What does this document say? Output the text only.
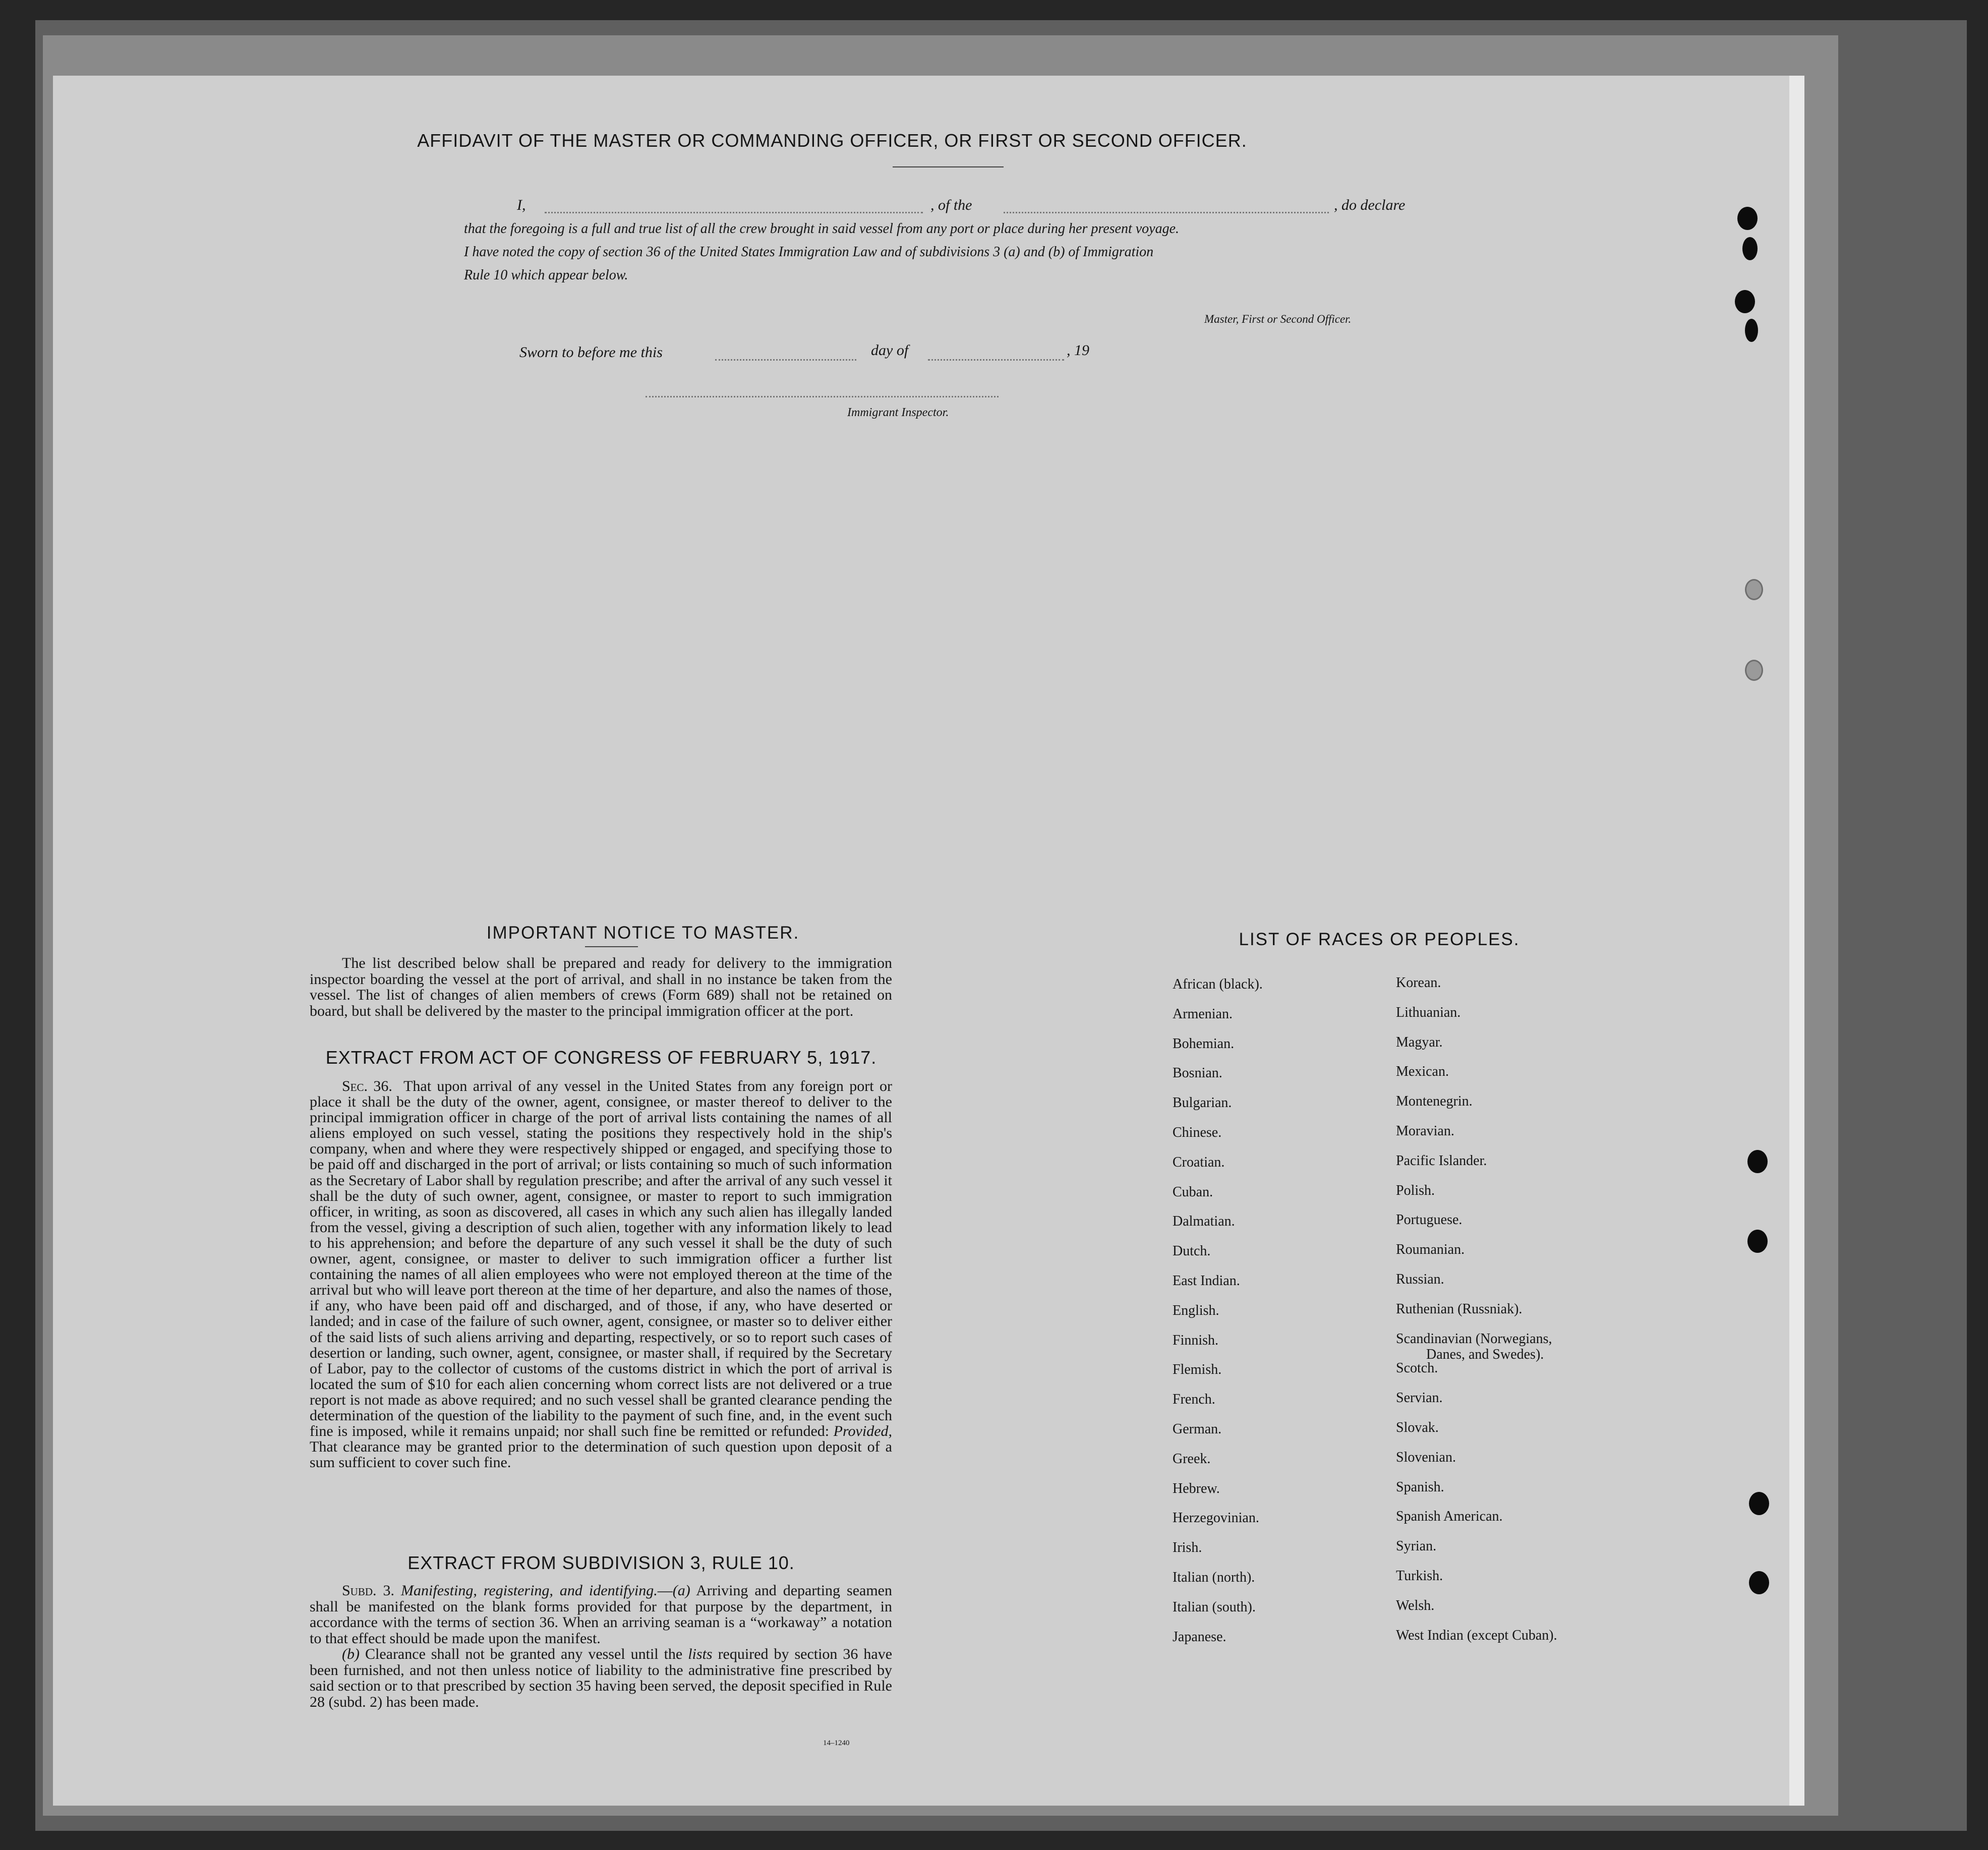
AFFIDAVIT OF THE MASTER OR COMMANDING OFFICER, OR FIRST OR SECOND OFFICER.
I,	, of the	, do declare
that the foregoing is a full and true list of all the crew brought in said vessel from any port or place during her present voyage.
I have noted the copy of section 36 of the United States Immigration Law and of subdivisions 3 (a) and (b) of Immigration
Rule 10 which appear below.
Master, First or Second Officer.
Sworn to before me this	day of	, 19
Immigrant Inspector.
IMPORTANT NOTICE TO MASTER.

The list described below shall be prepared and ready for delivery to the immigration inspector boarding the vessel at the port of arrival, and shall in no instance be taken from the vessel. The list of changes of alien members of crews (Form 689) shall not be retained on board, but shall be delivered by the master to the principal immigration officer at the port.

EXTRACT FROM ACT OF CONGRESS OF FEBRUARY 5, 1917.

Sec. 36. That upon arrival of any vessel in the United States from any foreign port or place it shall be the duty of the owner, agent, consignee, or master thereof to deliver to the principal immigration officer in charge of the port of arrival lists containing the names of all aliens employed on such vessel, stating the positions they respectively hold in the ship's company, when and where they were respectively shipped or engaged, and specifying those to be paid off and discharged in the port of arrival; or lists containing so much of such information as the Secretary of Labor shall by regulation prescribe; and after the arrival of any such vessel it shall be the duty of such owner, agent, consignee, or master to report to such immigration officer, in writing, as soon as discovered, all cases in which any such alien has illegally landed from the vessel, giving a description of such alien, together with any information likely to lead to his apprehension; and before the departure of any such vessel it shall be the duty of such owner, agent, consignee, or master to deliver to such immigration officer a further list containing the names of all alien employees who were not employed thereon at the time of the arrival but who will leave port thereon at the time of her departure, and also the names of those, if any, who have been paid off and discharged, and of those, if any, who have deserted or landed; and in case of the failure of such owner, agent, consignee, or master so to deliver either of the said lists of such aliens arriving and departing, respectively, or so to report such cases of desertion or landing, such owner, agent, consignee, or master shall, if required by the Secretary of Labor, pay to the collector of customs of the customs district in which the port of arrival is located the sum of $10 for each alien concerning whom correct lists are not delivered or a true report is not made as above required; and no such vessel shall be granted clearance pending the determination of the question of the liability to the payment of such fine, and, in the event such fine is imposed, while it remains unpaid; nor shall such fine be remitted or refunded: Provided, That clearance may be granted prior to the determination of such question upon deposit of a sum sufficient to cover such fine.

EXTRACT FROM SUBDIVISION 3, RULE 10.

Subd. 3. Manifesting, registering, and identifying.—(a) Arriving and departing seamen shall be manifested on the blank forms provided for that purpose by the department, in accordance with the terms of section 36. When an arriving seaman is a “workaway” a notation to that effect should be made upon the manifest.

(b) Clearance shall not be granted any vessel until the lists required by section 36 have been furnished, and not then unless notice of liability to the administrative fine prescribed by said section or to that prescribed by section 35 having been served, the deposit specified in Rule 28 (subd. 2) has been made.

14–1240
LIST OF RACES OR PEOPLES.
African (black).
Armenian.
Bohemian.
Bosnian.
Bulgarian.
Chinese.
Croatian.
Cuban.
Dalmatian.
Dutch.
East Indian.
English.
Finnish.
Flemish.
French.
German.
Greek.
Hebrew.
Herzegovinian.
Irish.
Italian (north).
Italian (south).
Japanese.
Korean.
Lithuanian.
Magyar.
Mexican.
Montenegrin.
Moravian.
Pacific Islander.
Polish.
Portuguese.
Roumanian.
Russian.
Ruthenian (Russniak).
Scandinavian (Norwegians,
Danes, and Swedes).
Scotch.
Servian.
Slovak.
Slovenian.
Spanish.
Spanish American.
Syrian.
Turkish.
Welsh.
West Indian (except Cuban).
